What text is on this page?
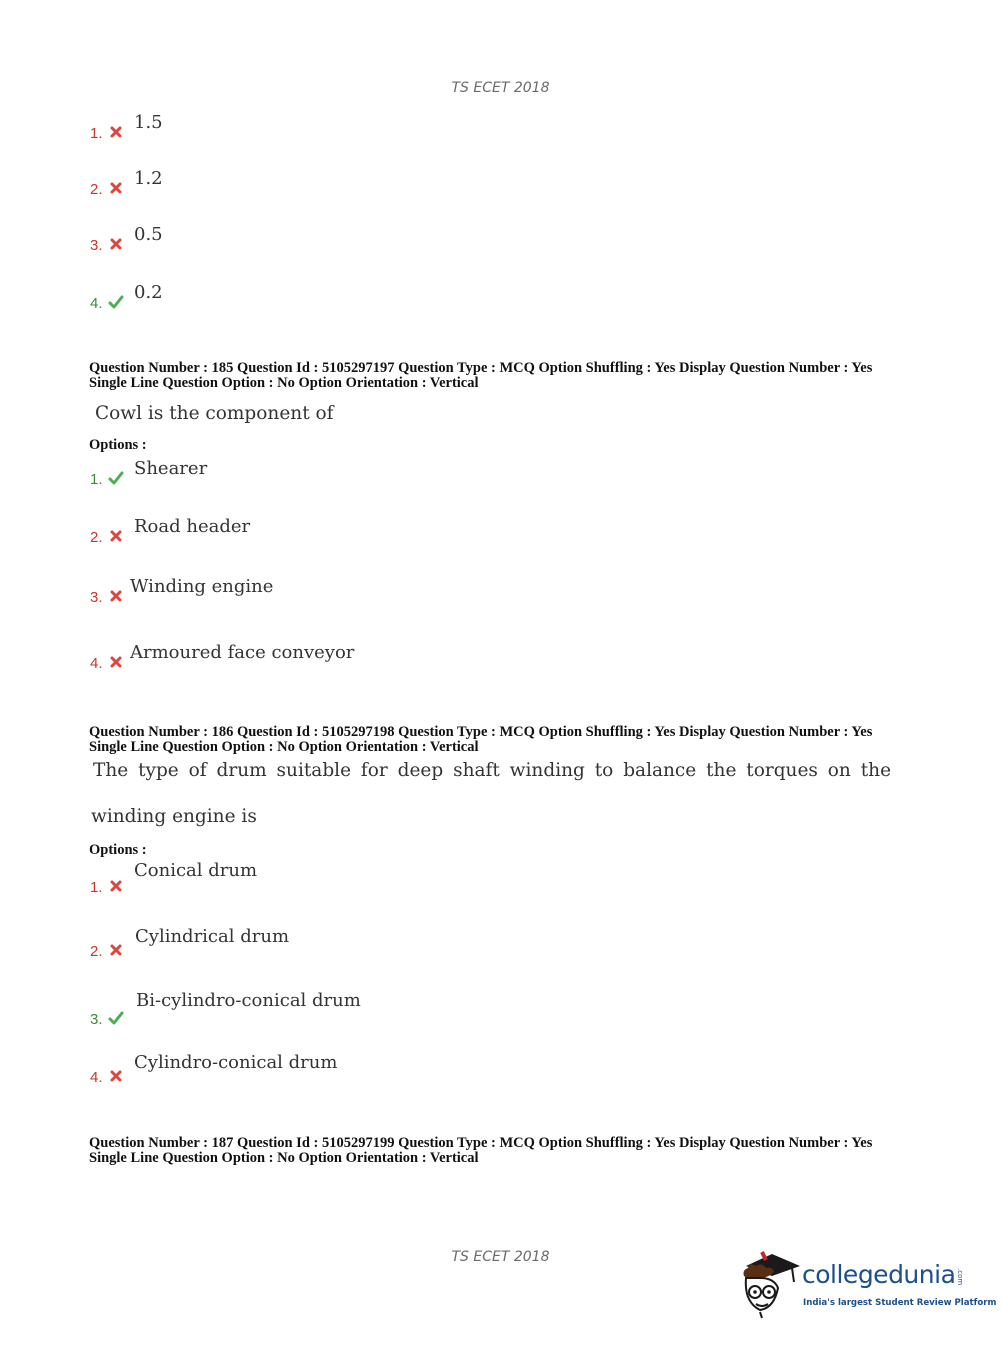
TS ECET 2018
1.
1.5
2.
1.2
3.
0.5
4.
0.2
Question Number : 185 Question Id : 5105297197 Question Type : MCQ Option Shuffling : Yes Display Question Number : Yes
Single Line Question Option : No Option Orientation : Vertical
Cowl is the component of
Options :
1.
Shearer
2.
Road header
3.
Winding engine
4.
Armoured face conveyor
Question Number : 186 Question Id : 5105297198 Question Type : MCQ Option Shuffling : Yes Display Question Number : Yes
Single Line Question Option : No Option Orientation : Vertical
The type of drum suitable for deep shaft winding to balance the torques on the
winding engine is
Options :
1.
Conical drum
2.
Cylindrical drum
3.
Bi-cylindro-conical drum
4.
Cylindro-conical drum
Question Number : 187 Question Id : 5105297199 Question Type : MCQ Option Shuffling : Yes Display Question Number : Yes
Single Line Question Option : No Option Orientation : Vertical
TS ECET 2018
collegedunia .com
India's largest Student Review Platform
